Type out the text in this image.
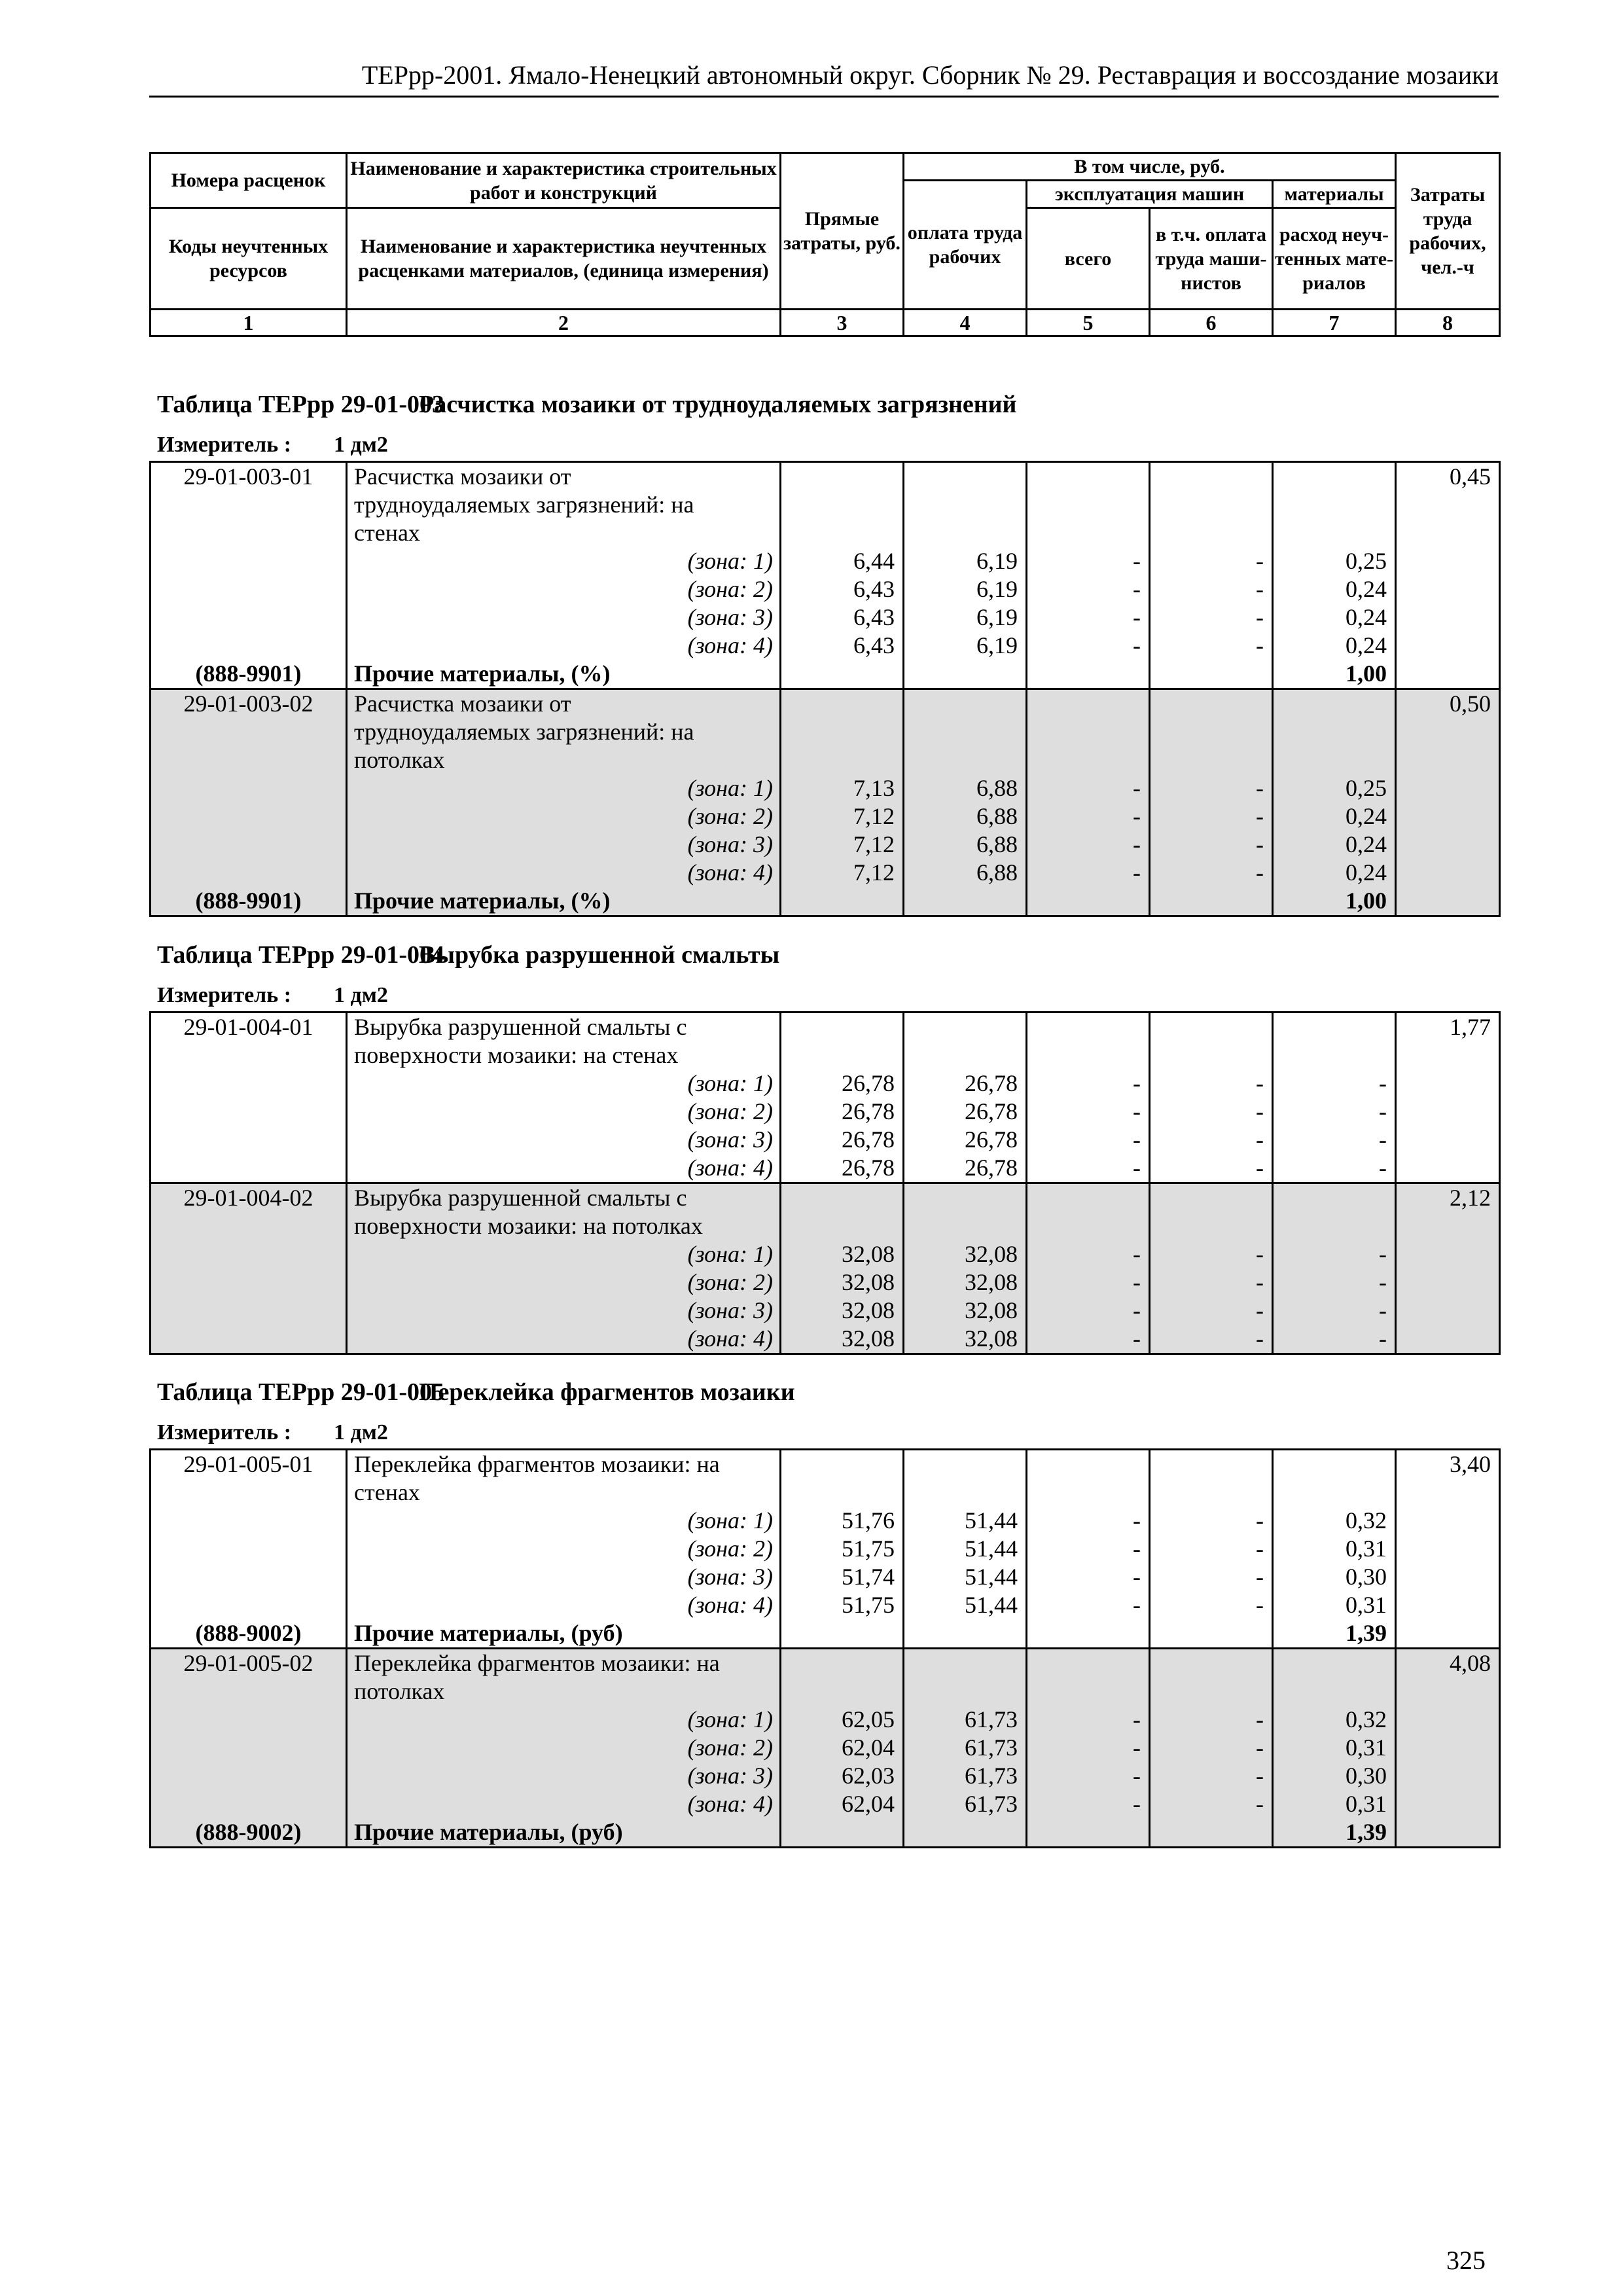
ТЕРрр-2001. Ямало-Ненецкий автономный округ. Сборник № 29. Реставрация и воссоздание мозаики
Номера расценок	Наименование и характеристика строительных работ и конструкций	Прямые затраты, руб.	В том числе, руб.				Затраты труда рабочих, чел.-ч
			оплата труда рабочих	эксплуатация машин		материалы	
Коды неучтенных ресурсов	Наименование и характеристика неучтенных расценками материалов, (единица измерения)			всего	в т.ч. оплата труда маши-нистов	расход неуч-тенных мате-риалов	

1	2	3	4	5	6	7	8
Таблица ТЕРрр 29-01-003Расчистка мозаики от трудноудаляемых загрязнений
Измеритель : 1 дм2
29-01-003-01	Расчистка мозаики от						0,45
	трудноудаляемых загрязнений: на						
	стенах						
	(зона: 1)	6,44	6,19	-	-	0,25	
	(зона: 2)	6,43	6,19	-	-	0,24	
	(зона: 3)	6,43	6,19	-	-	0,24	
	(зона: 4)	6,43	6,19	-	-	0,24	
(888-9901)	Прочие материалы, (%)					1,00	
29-01-003-02	Расчистка мозаики от						0,50
	трудноудаляемых загрязнений: на						
	потолках						
	(зона: 1)	7,13	6,88	-	-	0,25	
	(зона: 2)	7,12	6,88	-	-	0,24	
	(зона: 3)	7,12	6,88	-	-	0,24	
	(зона: 4)	7,12	6,88	-	-	0,24	
(888-9901)	Прочие материалы, (%)					1,00	
Таблица ТЕРрр 29-01-004Вырубка разрушенной смальты
Измеритель : 1 дм2
29-01-004-01	Вырубка разрушенной смальты с						1,77
	поверхности мозаики: на стенах						
	(зона: 1)	26,78	26,78	-	-	-	
	(зона: 2)	26,78	26,78	-	-	-	
	(зона: 3)	26,78	26,78	-	-	-	
	(зона: 4)	26,78	26,78	-	-	-	
29-01-004-02	Вырубка разрушенной смальты с						2,12
	поверхности мозаики: на потолках						
	(зона: 1)	32,08	32,08	-	-	-	
	(зона: 2)	32,08	32,08	-	-	-	
	(зона: 3)	32,08	32,08	-	-	-	
	(зона: 4)	32,08	32,08	-	-	-	
Таблица ТЕРрр 29-01-005Переклейка фрагментов мозаики
Измеритель : 1 дм2
29-01-005-01	Переклейка фрагментов мозаики: на						3,40
	стенах						
	(зона: 1)	51,76	51,44	-	-	0,32	
	(зона: 2)	51,75	51,44	-	-	0,31	
	(зона: 3)	51,74	51,44	-	-	0,30	
	(зона: 4)	51,75	51,44	-	-	0,31	
(888-9002)	Прочие материалы, (руб)					1,39	
29-01-005-02	Переклейка фрагментов мозаики: на						4,08
	потолках						
	(зона: 1)	62,05	61,73	-	-	0,32	
	(зона: 2)	62,04	61,73	-	-	0,31	
	(зона: 3)	62,03	61,73	-	-	0,30	
	(зона: 4)	62,04	61,73	-	-	0,31	
(888-9002)	Прочие материалы, (руб)					1,39	
325
